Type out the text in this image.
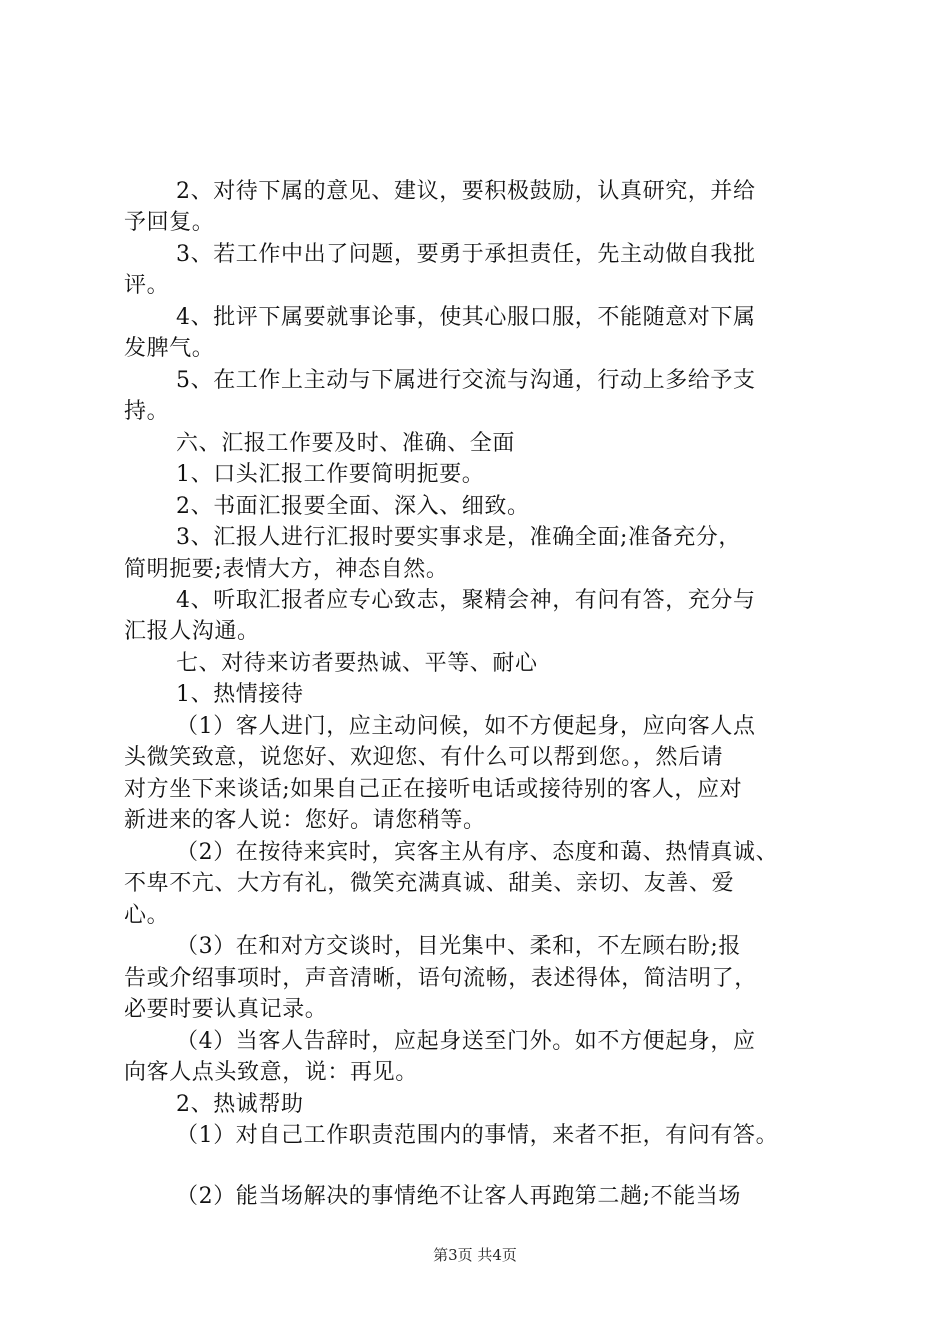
2、对待下属的意见、建议，要积极鼓励，认真研究，并给
予回复。
3、若工作中出了问题，要勇于承担责任，先主动做自我批
评。
4、批评下属要就事论事，使其心服口服，不能随意对下属
发脾气。
5、在工作上主动与下属进行交流与沟通，行动上多给予支
持。
六、汇报工作要及时、准确、全面
1、口头汇报工作要简明扼要。
2、书面汇报要全面、深入、细致。
3、汇报人进行汇报时要实事求是，准确全面;准备充分，
简明扼要;表情大方，神态自然。
4、听取汇报者应专心致志，聚精会神，有问有答，充分与
汇报人沟通。
七、对待来访者要热诚、平等、耐心
1、热情接待
（1）客人进门，应主动问候，如不方便起身，应向客人点
头微笑致意，说您好、欢迎您、有什么可以帮到您。，然后请
对方坐下来谈话;如果自己正在接听电话或接待别的客人，应对
新进来的客人说：您好。请您稍等。
（2）在按待来宾时，宾客主从有序、态度和蔼、热情真诚、
不卑不亢、大方有礼，微笑充满真诚、甜美、亲切、友善、爱
心。
（3）在和对方交谈时，目光集中、柔和，不左顾右盼;报
告或介绍事项时，声音清晰，语句流畅，表述得体，简洁明了，
必要时要认真记录。
（4）当客人告辞时，应起身送至门外。如不方便起身，应
向客人点头致意，说：再见。
2、热诚帮助
（1）对自己工作职责范围内的事情，来者不拒，有问有答。
（2）能当场解决的事情绝不让客人再跑第二趟;不能当场
第3页 共4页
